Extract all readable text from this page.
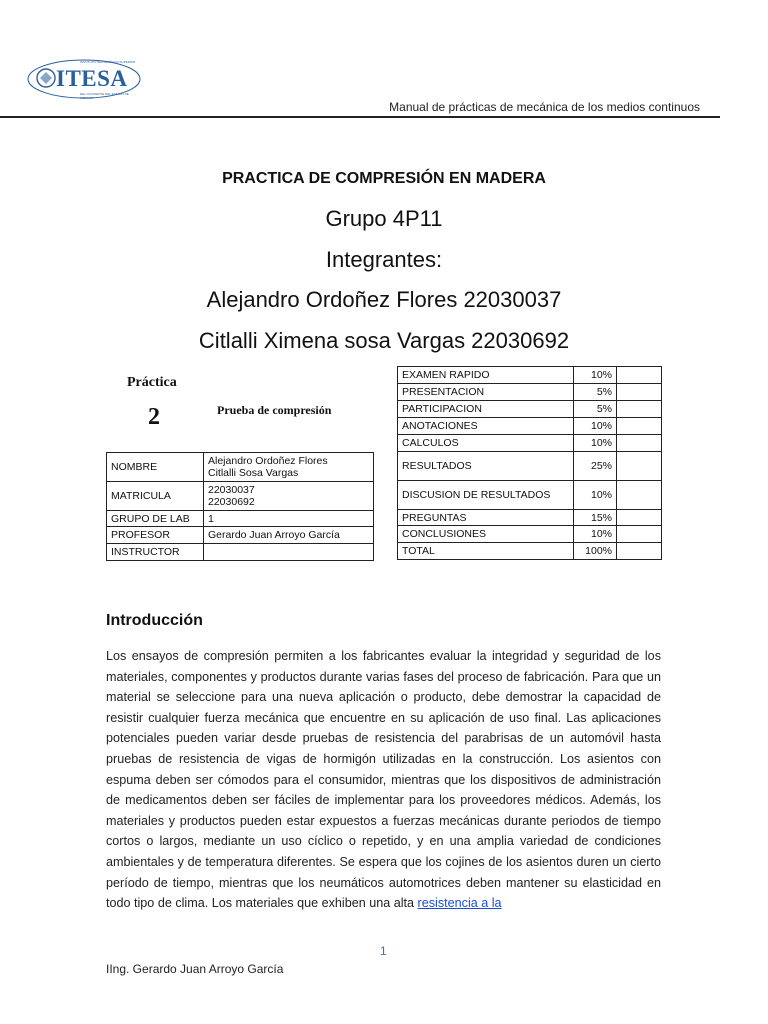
INSTITUTO TECNOLÓGICO SUPERIOR
ITESA
DEL OCCIDENTE DEL ESTADO DE HIDALGO
Manual de prácticas de mecánica de los medios continuos
PRACTICA DE COMPRESIÓN EN MADERA
Grupo 4P11
Integrantes:
Alejandro Ordoñez Flores 22030037
Citlalli Ximena sosa Vargas 22030692
Práctica
2	Prueba de compresión
NOMBRE	Alejandro Ordoñez Flores
Citlalli Sosa Vargas

MATRICULA	22030037
22030692

GRUPO DE LAB	1
PROFESOR	Gerardo Juan Arroyo García
INSTRUCTOR	
EXAMEN RAPIDO	10%	
PRESENTACION	5%	
PARTICIPACION	5%	
ANOTACIONES	10%	
CALCULOS	10%	
RESULTADOS	25%	
DISCUSION DE RESULTADOS	10%	
PREGUNTAS	15%	
CONCLUSIONES	10%	
TOTAL	100%	
Introducción
Los ensayos de compresión permiten a los fabricantes evaluar la integridad y seguridad de los materiales, componentes y productos durante varias fases del proceso de fabricación. Para que un material se seleccione para una nueva aplicación o producto, debe demostrar la capacidad de resistir cualquier fuerza mecánica que encuentre en su aplicación de uso final. Las aplicaciones potenciales pueden variar desde pruebas de resistencia del parabrisas de un automóvil hasta pruebas de resistencia de vigas de hormigón utilizadas en la construcción. Los asientos con espuma deben ser cómodos para el consumidor, mientras que los dispositivos de administración de medicamentos deben ser fáciles de implementar para los proveedores médicos. Además, los materiales y productos pueden estar expuestos a fuerzas mecánicas durante periodos de tiempo cortos o largos, mediante un uso cíclico o repetido, y en una amplia variedad de condiciones ambientales y de temperatura diferentes. Se espera que los cojines de los asientos duren un cierto período de tiempo, mientras que los neumáticos automotrices deben mantener su elasticidad en todo tipo de clima. Los materiales que exhiben una alta resistencia a la
1
IIng. Gerardo Juan Arroyo García
